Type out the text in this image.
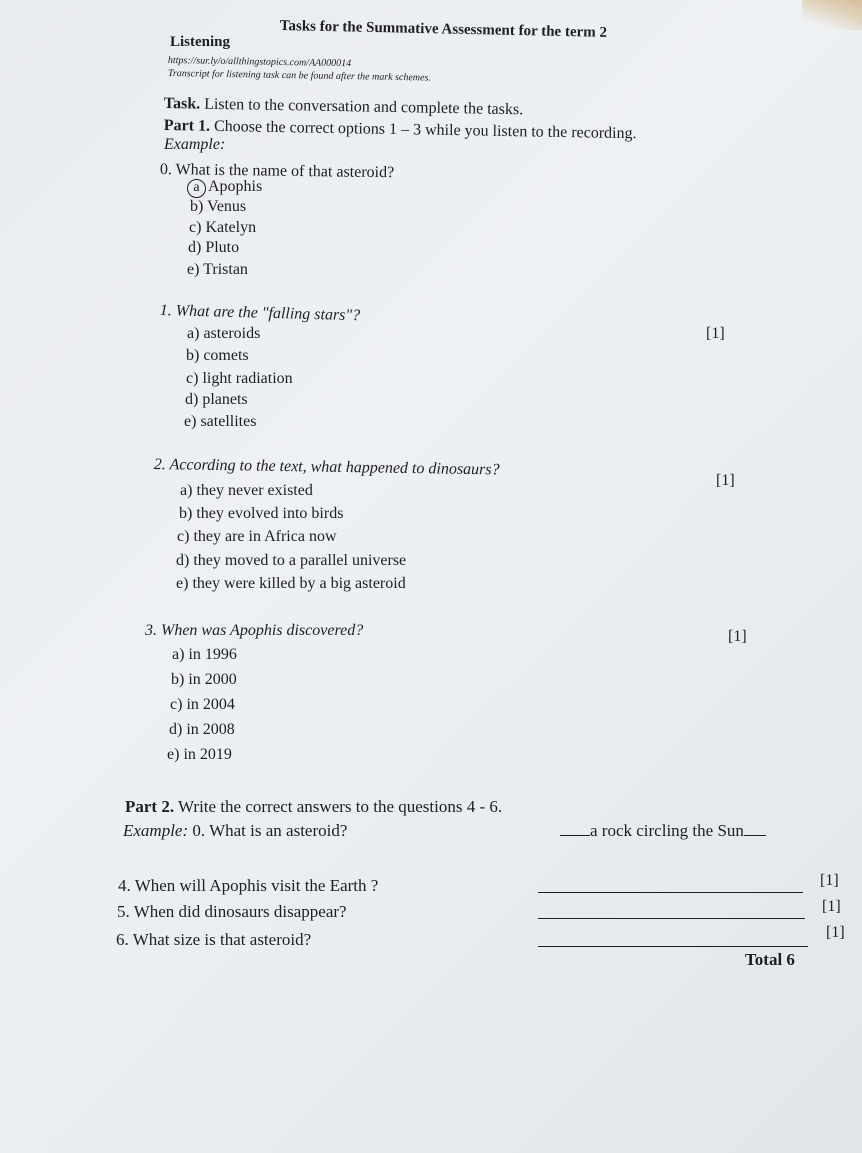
Tasks for the Summative Assessment for the term 2
Listening
https://sur.ly/o/allthingstopics.com/AA000014
Transcript for listening task can be found after the mark schemes.
Task. Listen to the conversation and complete the tasks.
Part 1. Choose the correct options 1 – 3 while you listen to the recording.
Example:
0. What is the name of that asteroid?
a Apophis
b) Venus
c) Katelyn
d) Pluto
e) Tristan
1. What are the "falling stars"?
[1]
a) asteroids
b) comets
c) light radiation
d) planets
e) satellites
2. According to the text, what happened to dinosaurs?
[1]
a) they never existed
b) they evolved into birds
c) they are in Africa now
d) they moved to a parallel universe
e) they were killed by a big asteroid
3. When was Apophis discovered?	[1]
a) in 1996
b) in 2000
c) in 2004
d) in 2008
e) in 2019
Part 2. Write the correct answers to the questions 4 - 6.
Example: 0. What is an asteroid?	a rock circling the Sun
4. When will Apophis visit the Earth ?	[1]
5. When did dinosaurs disappear?	[1]
6. What size is that asteroid?	[1]
Total 6
